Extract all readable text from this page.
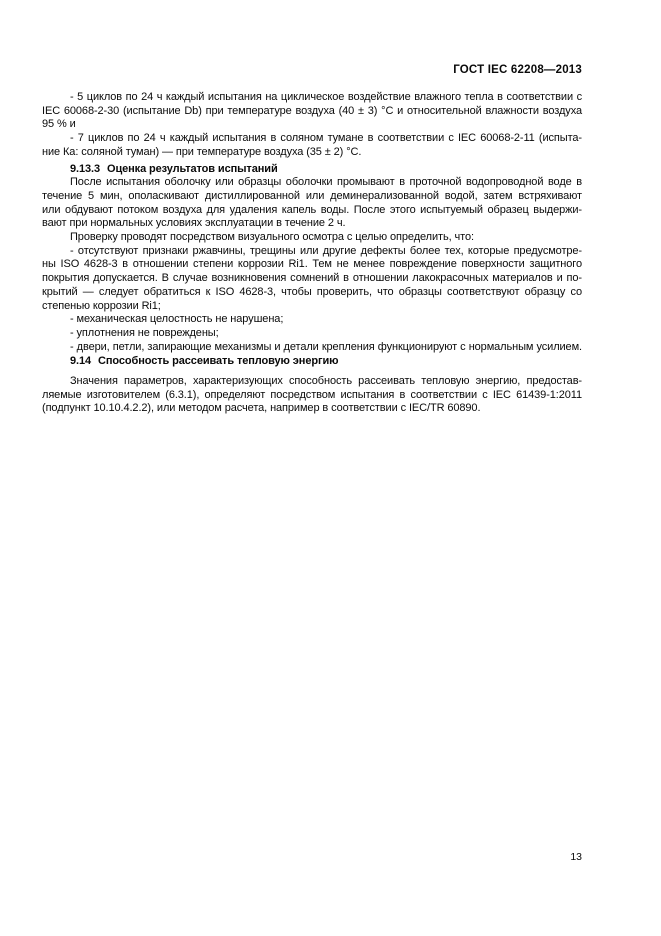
ГОСТ IEC 62208—2013
- 5 циклов по 24 ч каждый испытания на циклическое воздействие влажного тепла в соответствии с
IEC 60068-2-30 (испытание Db) при температуре воздуха (40 ± 3) °С и относительной влажности воздуха
95 % и
- 7 циклов по 24 ч каждый испытания в соляном тумане в соответствии с IEC 60068-2-11 (испыта-
ние Ка: соляной туман) — при температуре воздуха (35 ± 2) °С.
9.13.3 Оценка результатов испытаний
После испытания оболочку или образцы оболочки промывают в проточной водопроводной воде в
течение 5 мин, ополаскивают дистиллированной или деминерализованной водой, затем встряхивают
или обдувают потоком воздуха для удаления капель воды. После этого испытуемый образец выдержи-
вают при нормальных условиях эксплуатации в течение 2 ч.
Проверку проводят посредством визуального осмотра с целью определить, что:
- отсутствуют признаки ржавчины, трещины или другие дефекты более тех, которые предусмотре-
ны ISO 4628-3 в отношении степени коррозии Ri1. Тем не менее повреждение поверхности защитного
покрытия допускается. В случае возникновения сомнений в отношении лакокрасочных материалов и по-
крытий — следует обратиться к ISO 4628-3, чтобы проверить, что образцы соответствуют образцу со
степенью коррозии Ri1;
- механическая целостность не нарушена;
- уплотнения не повреждены;
- двери, петли, запирающие механизмы и детали крепления функционируют с нормальным усилием.
9.14 Способность рассеивать тепловую энергию
Значения параметров, характеризующих способность рассеивать тепловую энергию, предостав-
ляемые изготовителем (6.3.1), определяют посредством испытания в соответствии с IEC 61439-1:2011
(подпункт 10.10.4.2.2), или методом расчета, например в соответствии с IEC/TR 60890.
13
